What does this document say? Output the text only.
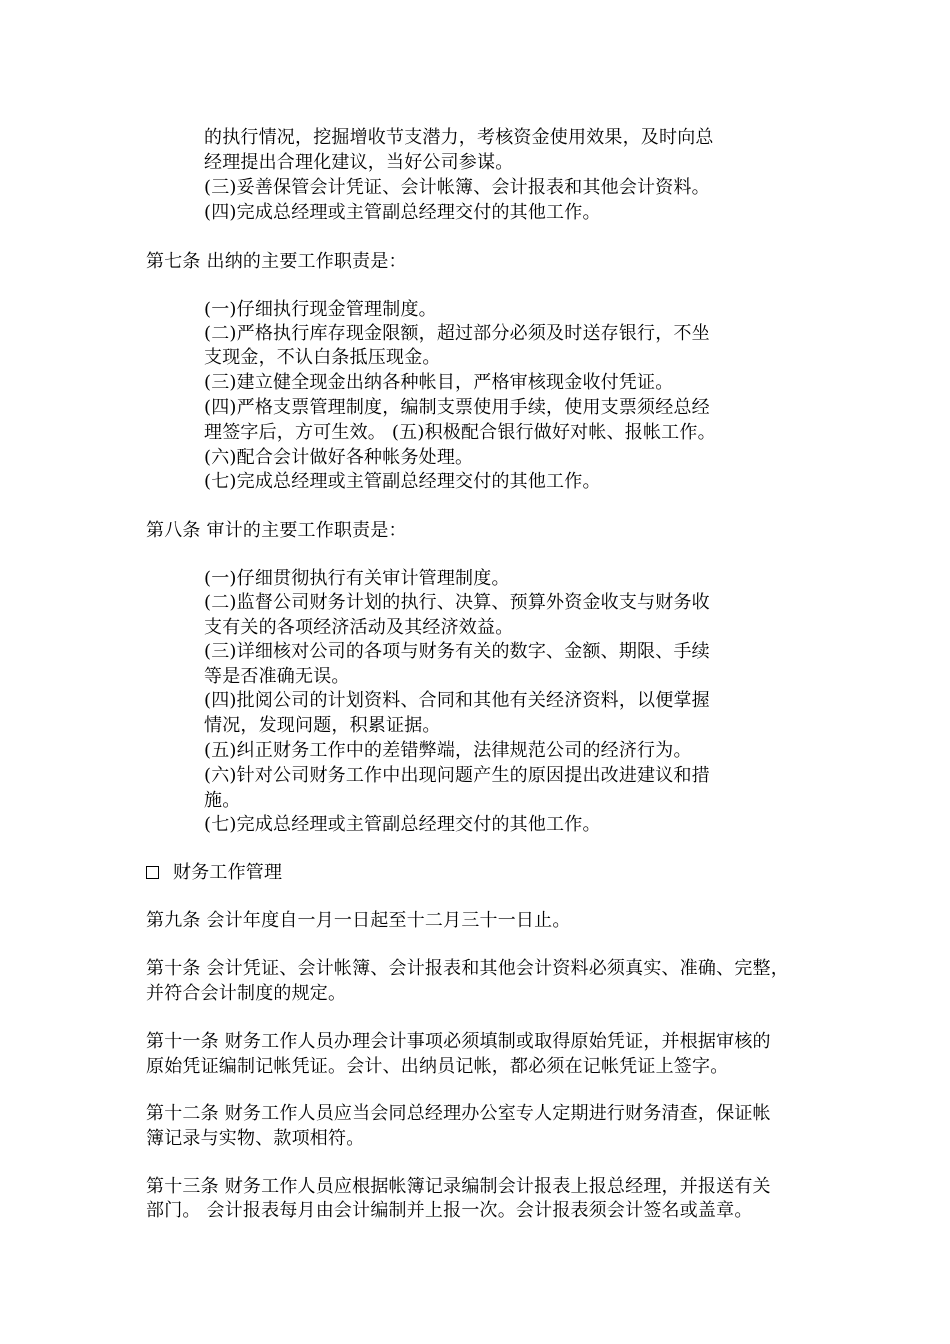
的执行情况，挖掘增收节支潜力，考核资金使用效果，及时向总
经理提出合理化建议，当好公司参谋。
(三)妥善保管会计凭证、会计帐簿、会计报表和其他会计资料。
(四)完成总经理或主管副总经理交付的其他工作。
第七条 出纳的主要工作职责是：
(一)仔细执行现金管理制度。
(二)严格执行库存现金限额，超过部分必须及时送存银行，不坐
支现金，不认白条抵压现金。
(三)建立健全现金出纳各种帐目，严格审核现金收付凭证。
(四)严格支票管理制度，编制支票使用手续，使用支票须经总经
理签字后，方可生效。 (五)积极配合银行做好对帐、报帐工作。
(六)配合会计做好各种帐务处理。
(七)完成总经理或主管副总经理交付的其他工作。
第八条 审计的主要工作职责是：
(一)仔细贯彻执行有关审计管理制度。
(二)监督公司财务计划的执行、决算、预算外资金收支与财务收
支有关的各项经济活动及其经济效益。
(三)详细核对公司的各项与财务有关的数字、金额、期限、手续
等是否准确无误。
(四)批阅公司的计划资料、合同和其他有关经济资料，以便掌握
情况，发现问题，积累证据。
(五)纠正财务工作中的差错弊端，法律规范公司的经济行为。
(六)针对公司财务工作中出现问题产生的原因提出改进建议和措
施。
(七)完成总经理或主管副总经理交付的其他工作。
财务工作管理
第九条 会计年度自一月一日起至十二月三十一日止。
第十条 会计凭证、会计帐簿、会计报表和其他会计资料必须真实、准确、完整，
并符合会计制度的规定。
第十一条 财务工作人员办理会计事项必须填制或取得原始凭证，并根据审核的
原始凭证编制记帐凭证。会计、出纳员记帐，都必须在记帐凭证上签字。
第十二条 财务工作人员应当会同总经理办公室专人定期进行财务清查，保证帐
簿记录与实物、款项相符。
第十三条 财务工作人员应根据帐簿记录编制会计报表上报总经理，并报送有关
部门。 会计报表每月由会计编制并上报一次。会计报表须会计签名或盖章。
